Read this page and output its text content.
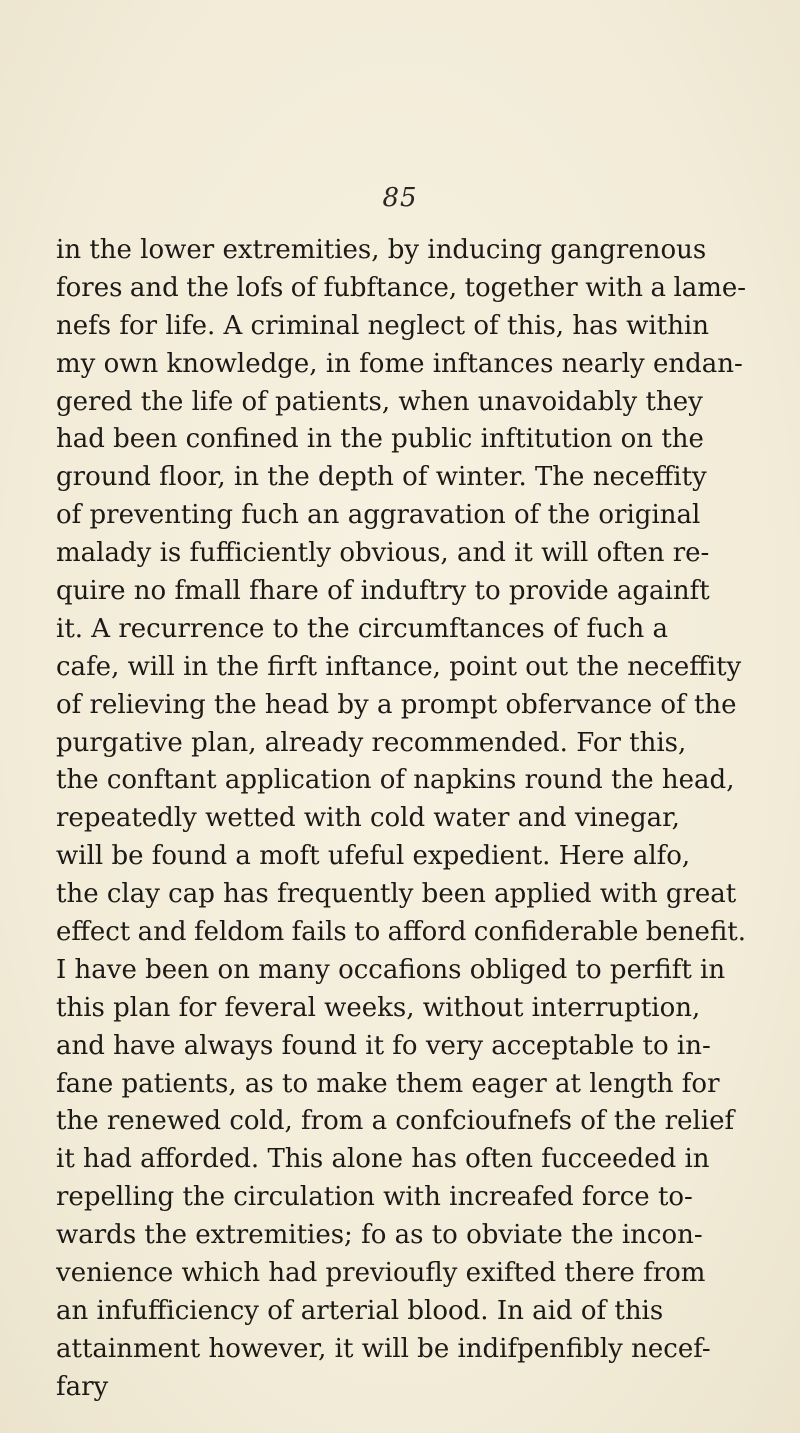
85
in the lower extremities, by inducing gangrenous
fores and the lofs of fubftance, together with a lame-
nefs for life. A criminal neglect of this, has within
my own knowledge, in fome inftances nearly endan-
gered the life of patients, when unavoidably they
had been confined in the public inftitution on the
ground floor, in the depth of winter. The neceffity
of preventing fuch an aggravation of the original
malady is fufficiently obvious, and it will often re-
quire no fmall fhare of induftry to provide againft
it. A recurrence to the circumftances of fuch a
cafe, will in the firft inftance, point out the neceffity
of relieving the head by a prompt obfervance of the
purgative plan, already recommended. For this,
the conftant application of napkins round the head,
repeatedly wetted with cold water and vinegar,
will be found a moft ufeful expedient. Here alfo,
the clay cap has frequently been applied with great
effect and feldom fails to afford confiderable benefit.
I have been on many occafions obliged to perfift in
this plan for feveral weeks, without interruption,
and have always found it fo very acceptable to in-
fane patients, as to make them eager at length for
the renewed cold, from a confcioufnefs of the relief
it had afforded. This alone has often fucceeded in
repelling the circulation with increafed force to-
wards the extremities; fo as to obviate the incon-
venience which had previoufly exifted there from
an infufficiency of arterial blood. In aid of this
attainment however, it will be indifpenfibly necef-
fary
